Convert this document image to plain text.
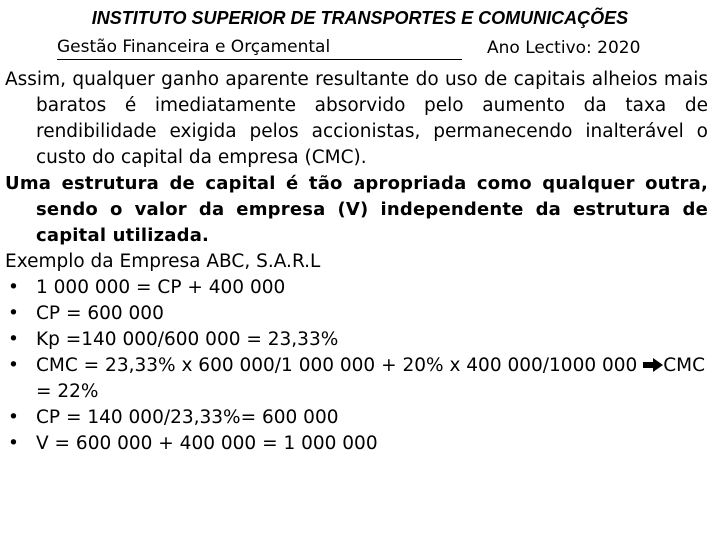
INSTITUTO SUPERIOR DE TRANSPORTES E COMUNICAÇÕES
Gestão Financeira e Orçamental	Ano Lectivo: 2020

Assim, qualquer ganho aparente resultante do uso de capitais alheios mais baratos é imediatamente absorvido pelo aumento da taxa de rendibilidade exigida pelos accionistas, permanecendo inalterável o custo do capital da empresa (CMC).

Uma estrutura de capital é tão apropriada como qualquer outra, sendo o valor da empresa (V) independente da estrutura de capital utilizada.

Exemplo da Empresa ABC, S.A.R.L

• 1 000 000 = CP + 400 000
• CP = 600 000
• Kp =140 000/600 000 = 23,33%
• CMC = 23,33% x 600 000/1 000 000 + 20% x 400 000/1000 000 CMC = 22%
• CP = 140 000/23,33%= 600 000
• V = 600 000 + 400 000 = 1 000 000
